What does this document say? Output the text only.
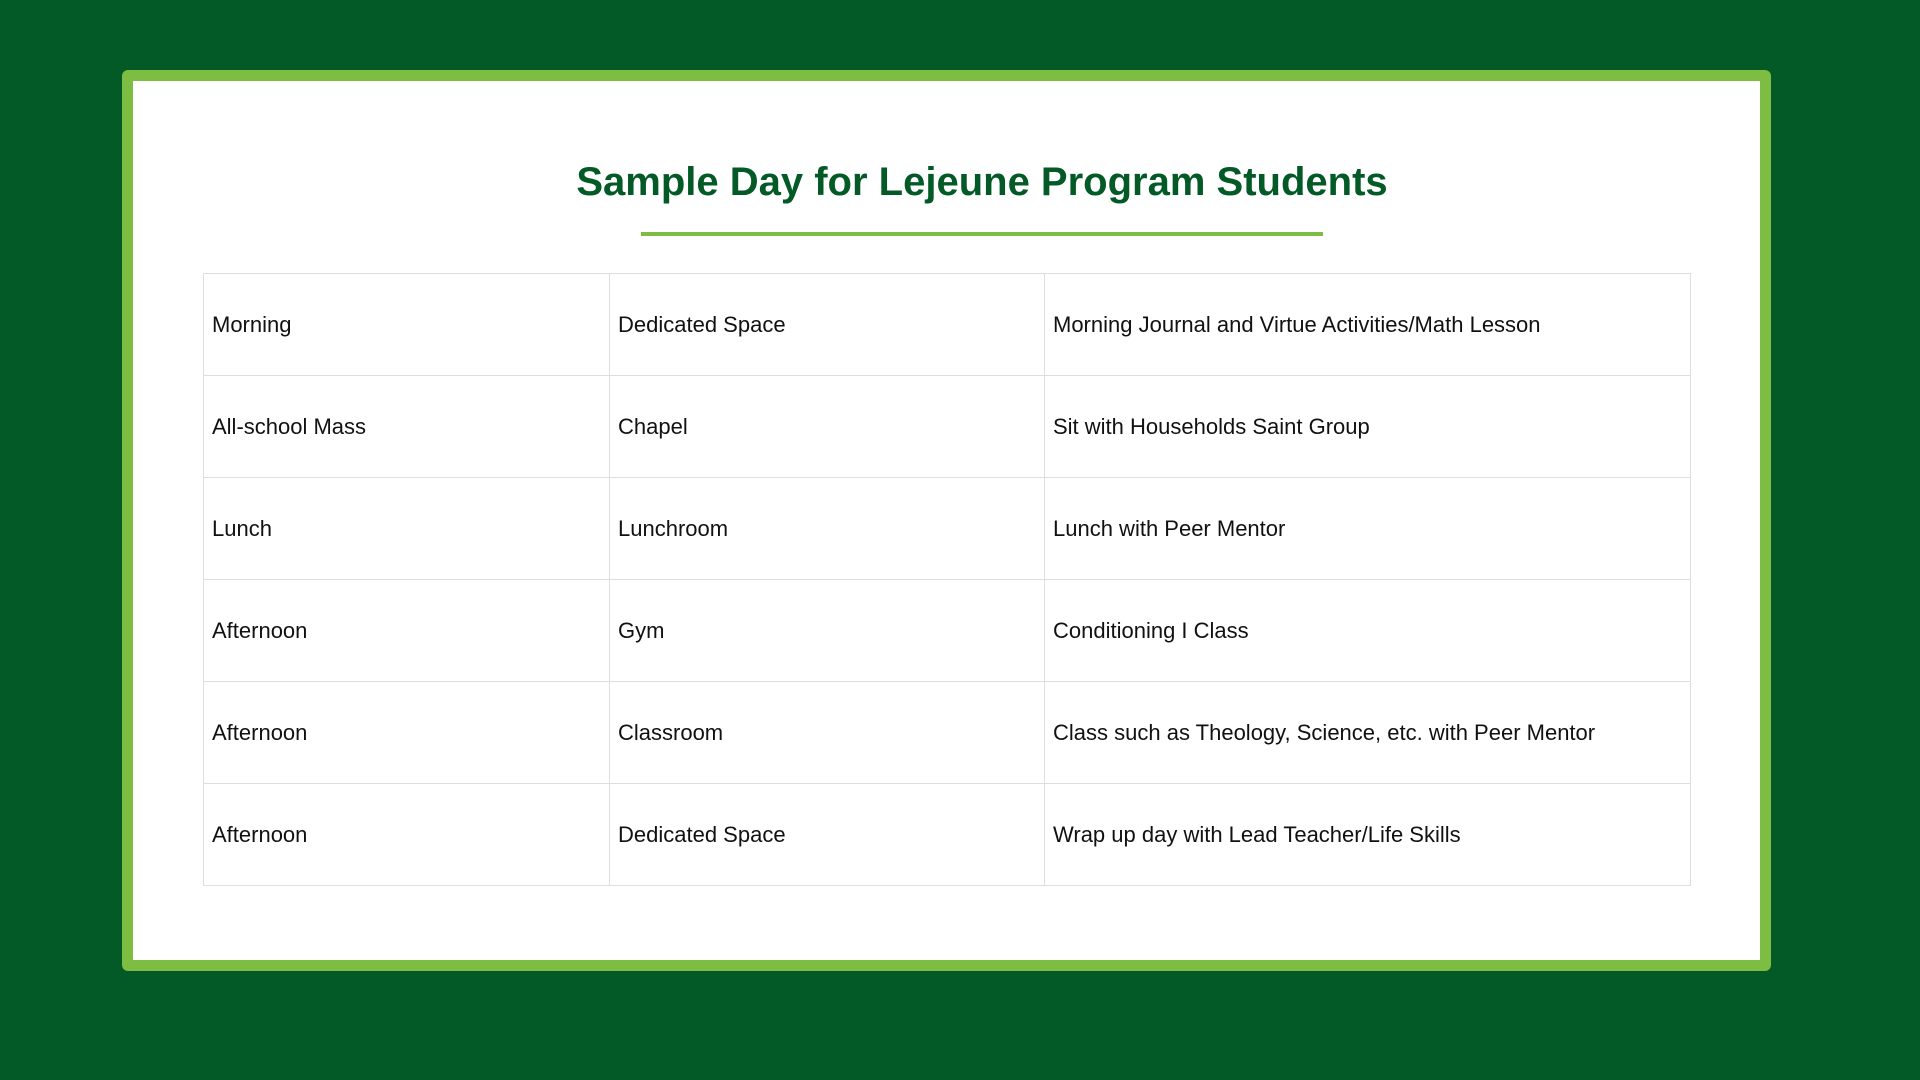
Sample Day for Lejeune Program Students
Morning	Dedicated Space	Morning Journal and Virtue Activities/Math Lesson
All-school Mass	Chapel	Sit with Households Saint Group
Lunch	Lunchroom	Lunch with Peer Mentor
Afternoon	Gym	Conditioning I Class
Afternoon	Classroom	Class such as Theology, Science, etc. with Peer Mentor
Afternoon	Dedicated Space	Wrap up day with Lead Teacher/Life Skills
